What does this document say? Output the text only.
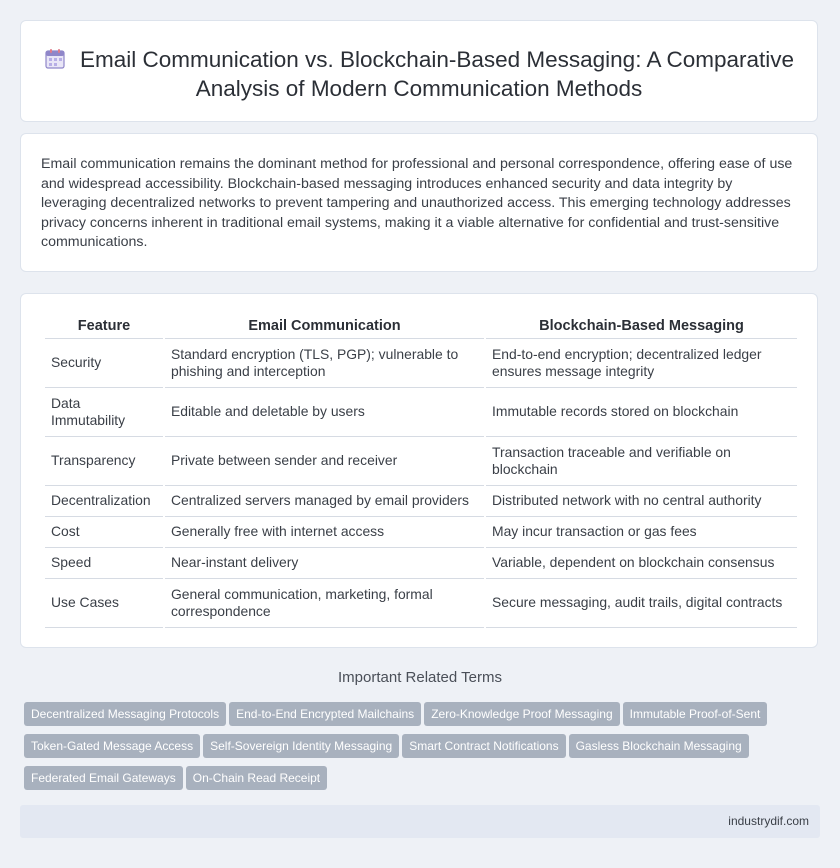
Email Communication vs. Blockchain-Based Messaging: A Comparative Analysis of Modern Communication Methods

Email communication remains the dominant method for professional and personal correspondence, offering ease of use and widespread accessibility. Blockchain-based messaging introduces enhanced security and data integrity by leveraging decentralized networks to prevent tampering and unauthorized access. This emerging technology addresses privacy concerns inherent in traditional email systems, making it a viable alternative for confidential and trust-sensitive communications.

Feature	Email Communication	Blockchain-Based Messaging
Security	Standard encryption (TLS, PGP); vulnerable to phishing and interception	End-to-end encryption; decentralized ledger ensures message integrity
Data Immutability	Editable and deletable by users	Immutable records stored on blockchain
Transparency	Private between sender and receiver	Transaction traceable and verifiable on blockchain
Decentralization	Centralized servers managed by email providers	Distributed network with no central authority
Cost	Generally free with internet access	May incur transaction or gas fees
Speed	Near-instant delivery	Variable, dependent on blockchain consensus
Use Cases	General communication, marketing, formal correspondence	Secure messaging, audit trails, digital contracts
Important Related Terms
Decentralized Messaging Protocols End-to-End Encrypted Mailchains Zero-Knowledge Proof Messaging Immutable Proof-of-Sent
Token-Gated Message Access Self-Sovereign Identity Messaging Smart Contract Notifications Gasless Blockchain Messaging
Federated Email Gateways On-Chain Read Receipt
industrydif.com
